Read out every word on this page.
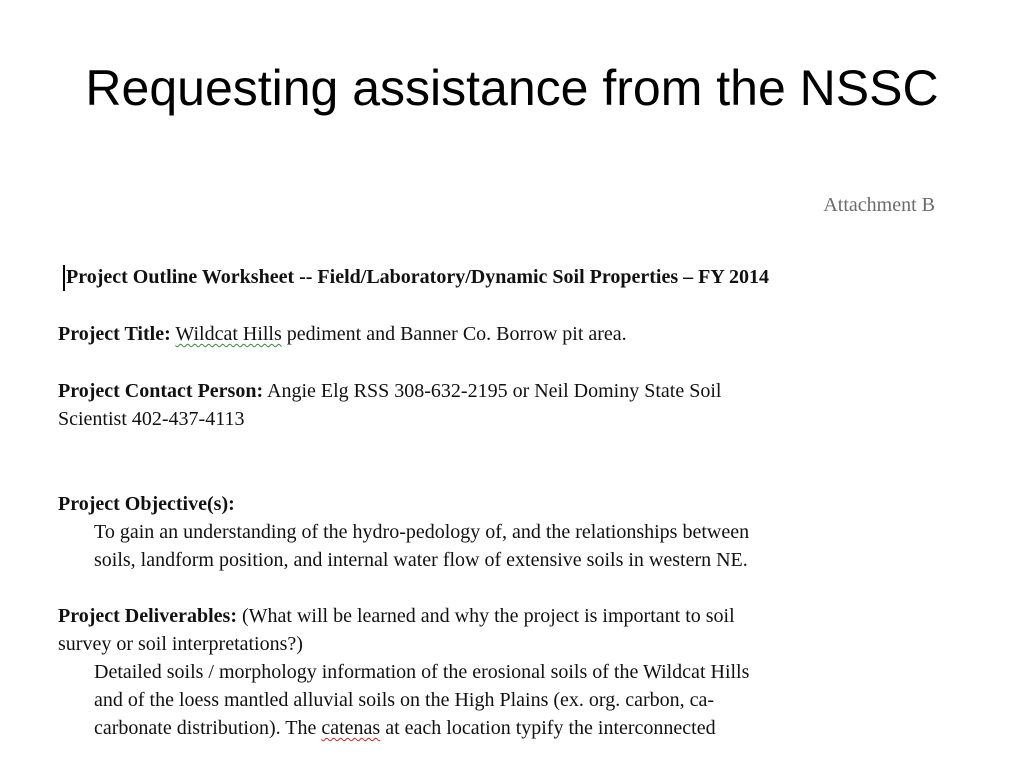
Requesting assistance from the NSSC
Attachment B
Project Outline Worksheet -- Field/Laboratory/Dynamic Soil Properties – FY 2014
Project Title: Wildcat Hills pediment and Banner Co. Borrow pit area.
Project Contact Person: Angie Elg RSS 308-632-2195 or Neil Dominy State Soil
Scientist 402-437-4113
Project Objective(s):
To gain an understanding of the hydro-pedology of, and the relationships between
soils, landform position, and internal water flow of extensive soils in western NE.
Project Deliverables: (What will be learned and why the project is important to soil
survey or soil interpretations?)
Detailed soils / morphology information of the erosional soils of the Wildcat Hills
and of the loess mantled alluvial soils on the High Plains (ex. org. carbon, ca-
carbonate distribution). The catenas at each location typify the interconnected
